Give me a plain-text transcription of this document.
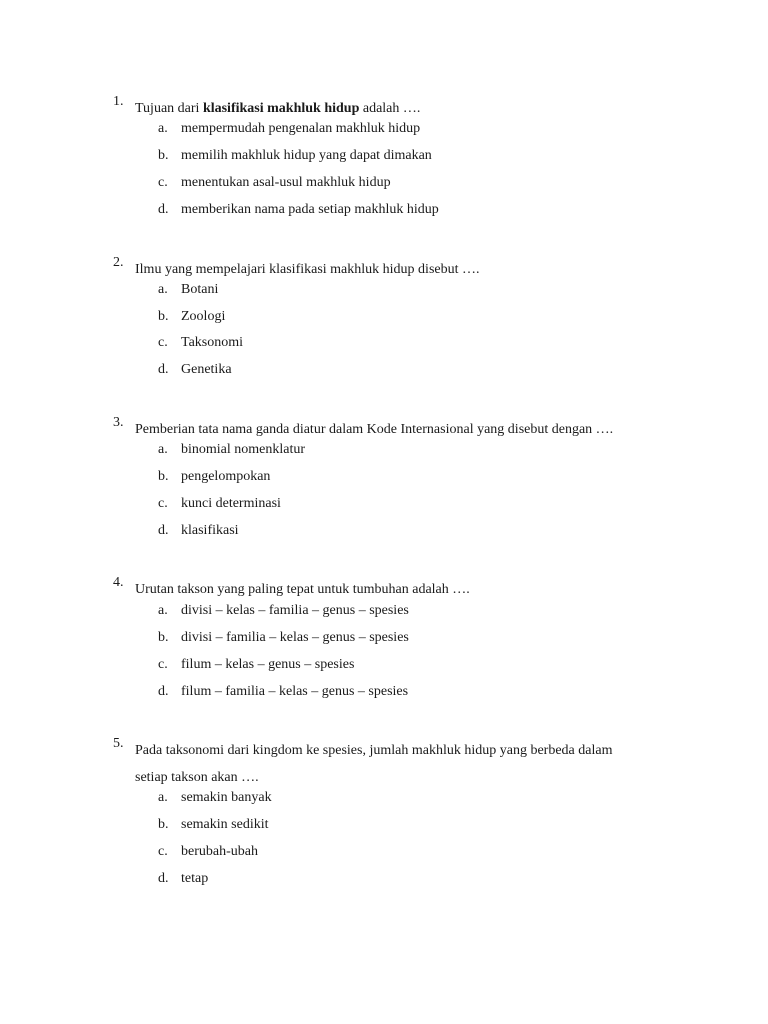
1. Tujuan dari klasifikasi makhluk hidup adalah ….
a. mempermudah pengenalan makhluk hidup
b. memilih makhluk hidup yang dapat dimakan
c. menentukan asal-usul makhluk hidup
d. memberikan nama pada setiap makhluk hidup
2. Ilmu yang mempelajari klasifikasi makhluk hidup disebut ….
a. Botani
b. Zoologi
c. Taksonomi
d. Genetika
3. Pemberian tata nama ganda diatur dalam Kode Internasional yang disebut dengan ….
a. binomial nomenklatur
b. pengelompokan
c. kunci determinasi
d. klasifikasi
4. Urutan takson yang paling tepat untuk tumbuhan adalah ….
a. divisi – kelas – familia – genus – spesies
b. divisi – familia – kelas – genus – spesies
c. filum – kelas – genus – spesies
d. filum – familia – kelas – genus – spesies
5. Pada taksonomi dari kingdom ke spesies, jumlah makhluk hidup yang berbeda dalam
setiap takson akan ….
a. semakin banyak
b. semakin sedikit
c. berubah-ubah
d. tetap
